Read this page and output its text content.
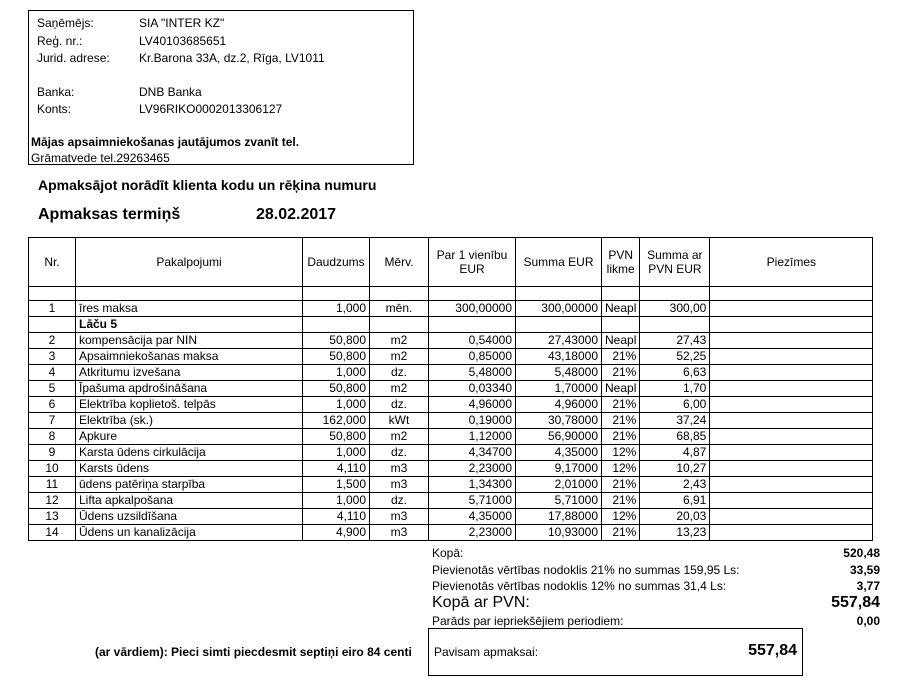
Saņēmējs:	SIA "INTER KZ"
Reģ. nr.:	LV40103685651
Jurid. adrese: Kr.Barona 33A, dz.2, Rīga, LV1011
Banka:	DNB Banka
Konts:	LV96RIKO0002013306127
Mājas apsaimniekošanas jautājumos zvanīt tel.
Grāmatvede tel.29263465
Apmaksājot norādīt klienta kodu un rēķina numuru
Apmaksas termiņš	28.02.2017
Nr.	Pakalpojumi	Daudzums	Mērv.	Par 1 vienību EUR	Summa EUR	PVN likme	Summa ar PVN EUR	Piezīmes

1	īres maksa	1,000	mēn.	300,00000	300,00000	Neapl	300,00	
	Lāču 5							
2	kompensācija par NIN	50,800	m2	0,54000	27,43000	Neapl	27,43	
3	Apsaimniekošanas maksa	50,800	m2	0,85000	43,18000	21%	52,25	
4	Atkritumu izvešana	1,000	dz.	5,48000	5,48000	21%	6,63	
5	Īpašuma apdrošināšana	50,800	m2	0,03340	1,70000	Neapl	1,70	
6	Elektrība koplietoš. telpās	1,000	dz.	4,96000	4,96000	21%	6,00	
7	Elektrība (sk.)	162,000	kWt	0,19000	30,78000	21%	37,24	
8	Apkure	50,800	m2	1,12000	56,90000	21%	68,85	
9	Karsta ūdens cirkulācija	1,000	dz.	4,34700	4,35000	12%	4,87	
10	Karsts ūdens	4,110	m3	2,23000	9,17000	12%	10,27	
11	ūdens patēriņa starpība	1,500	m3	1,34300	2,01000	21%	2,43	
12	Lifta apkalpošana	1,000	dz.	5,71000	5,71000	21%	6,91	
13	Ūdens uzsildīšana	4,110	m3	4,35000	17,88000	12%	20,03	
14	Ūdens un kanalizācija	4,900	m3	2,23000	10,93000	21%	13,23	
Kopā:	520,48
Pievienotās vērtības nodoklis 21% no summas 159,95 Ls:	33,59
Pievienotās vērtības nodoklis 12% no summas 31,4 Ls:	3,77
Kopā ar PVN:	557,84
Parāds par iepriekšējiem periodiem:	0,00
(ar vārdiem): Pieci simti piecdesmit septiņi eiro 84 centi Pavisam apmaksai:	557,84
